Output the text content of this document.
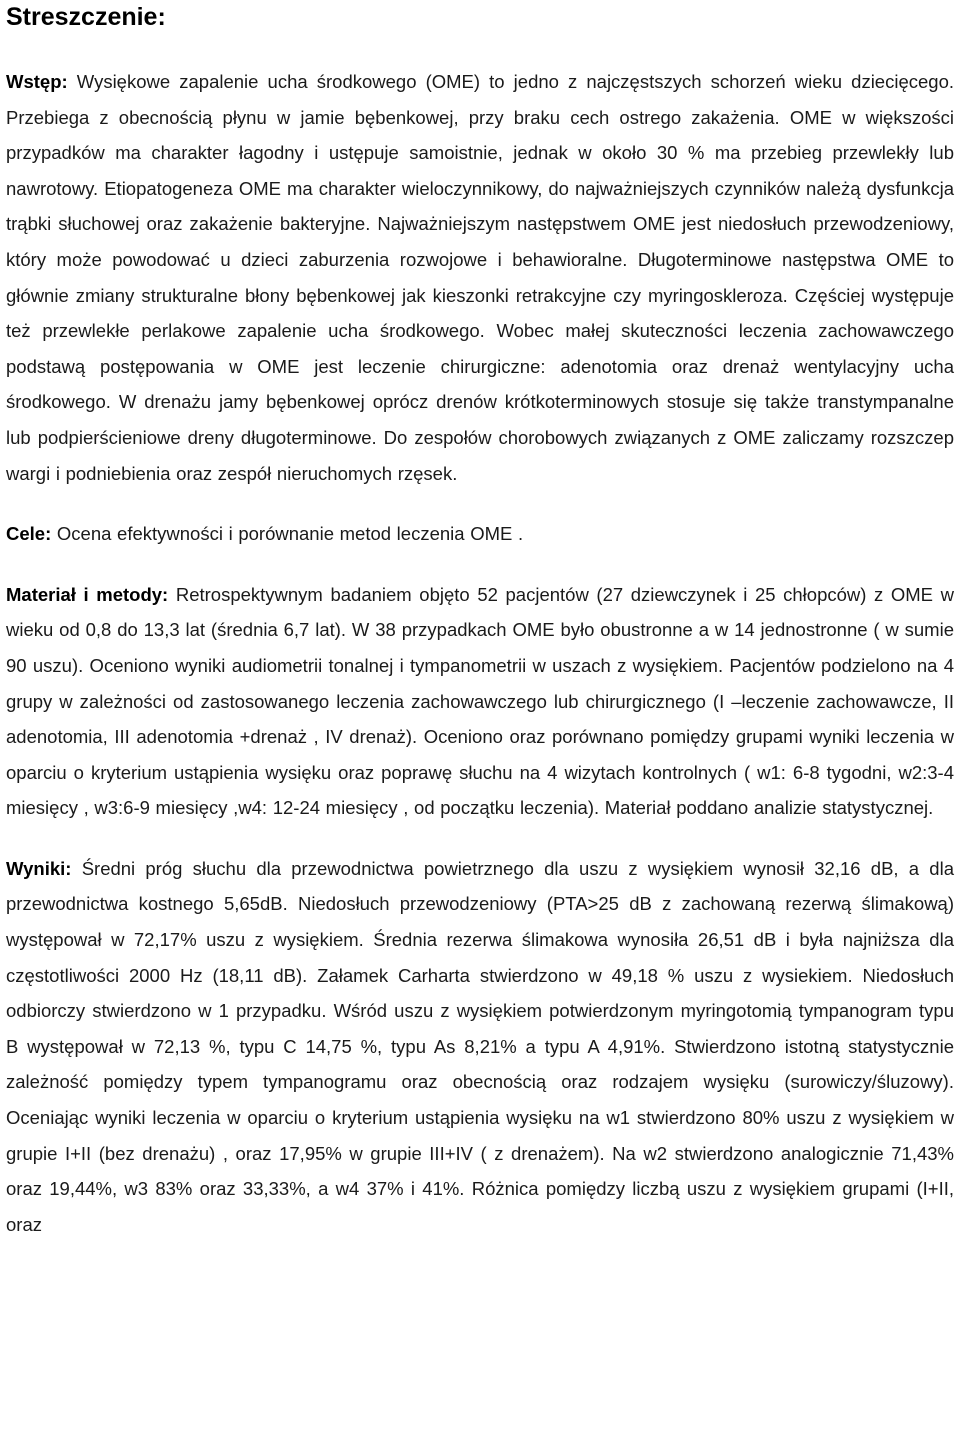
Streszczenie:

Wstęp: Wysiękowe zapalenie ucha środkowego (OME) to jedno z najczęstszych schorzeń wieku dziecięcego. Przebiega z obecnością płynu w jamie bębenkowej, przy braku cech ostrego zakażenia. OME w większości przypadków ma charakter łagodny i ustępuje samoistnie, jednak w około 30 % ma przebieg przewlekły lub nawrotowy. Etiopatogeneza OME ma charakter wieloczynnikowy, do najważniejszych czynników należą dysfunkcja trąbki słuchowej oraz zakażenie bakteryjne. Najważniejszym następstwem OME jest niedosłuch przewodzeniowy, który może powodować u dzieci zaburzenia rozwojowe i behawioralne. Długoterminowe następstwa OME to głównie zmiany strukturalne błony bębenkowej jak kieszonki retrakcyjne czy myringoskleroza. Częściej występuje też przewlekłe perlakowe zapalenie ucha środkowego. Wobec małej skuteczności leczenia zachowawczego podstawą postępowania w OME jest leczenie chirurgiczne: adenotomia oraz drenaż wentylacyjny ucha środkowego. W drenażu jamy bębenkowej oprócz drenów krótkoterminowych stosuje się także transtympanalne lub podpierścieniowe dreny długoterminowe. Do zespołów chorobowych związanych z OME zaliczamy rozszczep wargi i podniebienia oraz zespół nieruchomych rzęsek.

Cele: Ocena efektywności i porównanie metod leczenia OME .

Materiał i metody: Retrospektywnym badaniem objęto 52 pacjentów (27 dziewczynek i 25 chłopców) z OME w wieku od 0,8 do 13,3 lat (średnia 6,7 lat). W 38 przypadkach OME było obustronne a w 14 jednostronne ( w sumie 90 uszu). Oceniono wyniki audiometrii tonalnej i tympanometrii w uszach z wysiękiem. Pacjentów podzielono na 4 grupy w zależności od zastosowanego leczenia zachowawczego lub chirurgicznego (I –leczenie zachowawcze, II adenotomia, III adenotomia +drenaż , IV drenaż). Oceniono oraz porównano pomiędzy grupami wyniki leczenia w oparciu o kryterium ustąpienia wysięku oraz poprawę słuchu na 4 wizytach kontrolnych ( w1: 6-8 tygodni, w2:3-4 miesięcy , w3:6-9 miesięcy ,w4: 12-24 miesięcy , od początku leczenia). Materiał poddano analizie statystycznej.

Wyniki: Średni próg słuchu dla przewodnictwa powietrznego dla uszu z wysiękiem wynosił 32,16 dB, a dla przewodnictwa kostnego 5,65dB. Niedosłuch przewodzeniowy (PTA>25 dB z zachowaną rezerwą ślimakową) występował w 72,17% uszu z wysiękiem. Średnia rezerwa ślimakowa wynosiła 26,51 dB i była najniższa dla częstotliwości 2000 Hz (18,11 dB). Załamek Carharta stwierdzono w 49,18 % uszu z wysiekiem. Niedosłuch odbiorczy stwierdzono w 1 przypadku. Wśród uszu z wysiękiem potwierdzonym myringotomią tympanogram typu B występował w 72,13 %, typu C 14,75 %, typu As 8,21% a typu A 4,91%. Stwierdzono istotną statystycznie zależność pomiędzy typem tympanogramu oraz obecnością oraz rodzajem wysięku (surowiczy/śluzowy). Oceniając wyniki leczenia w oparciu o kryterium ustąpienia wysięku na w1 stwierdzono 80% uszu z wysiękiem w grupie I+II (bez drenażu) , oraz 17,95% w grupie III+IV ( z drenażem). Na w2 stwierdzono analogicznie 71,43% oraz 19,44%, w3 83% oraz 33,33%, a w4 37% i 41%. Różnica pomiędzy liczbą uszu z wysiękiem grupami (I+II, oraz
